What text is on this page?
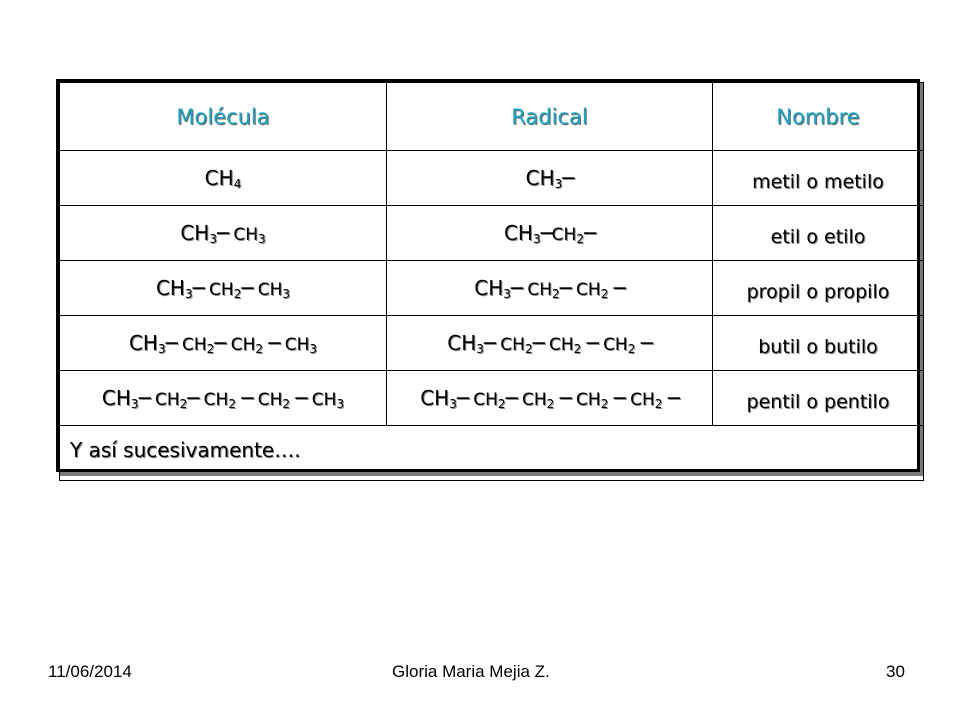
Molécula	Radical	Nombre
$CH_4$	$CH_3─$	metil o metilo
$CH_3─$ $CH_3$	$CH_3─CH_2─$	etil o etilo
$CH_3─$ $CH_2─$ $CH_3$	$CH_3─$ $CH_2─$ $CH_2$ ─	propil o propilo
$CH_3─$ $CH_2─$ $CH_2$ ─ $CH_3$	$CH_3─$ $CH_2─$ $CH_2$ ─ $CH_2$ ─	butil o butilo
$CH_3─$ $CH_2─$ $CH_2$ ─ $CH_2$ ─ $CH_3$	$CH_3─$ $CH_2─$ $CH_2$ ─ $CH_2$ ─ $CH_2$ ─	pentil o pentilo
Y así sucesivamente….		
11/06/2014	Gloria Maria Mejia Z.	30
